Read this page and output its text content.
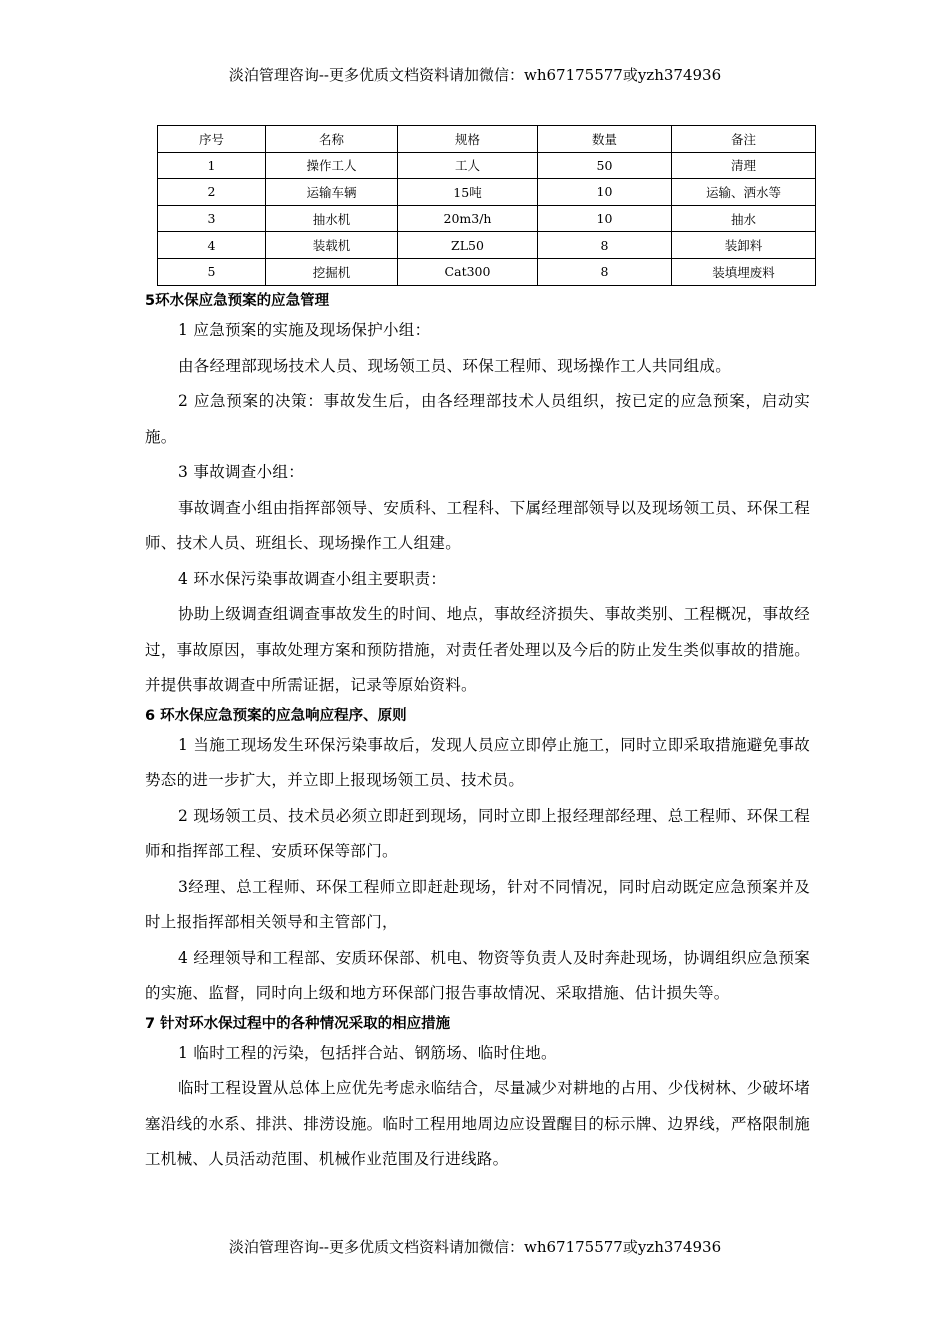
淡泊管理咨询--更多优质文档资料请加微信：wh67175577或yzh374936
序号	名称	规格	数量	备注
1	操作工人	工人	50	清理
2	运输车辆	15吨	10	运输、洒水等
3	抽水机	20m3/h	10	抽水
4	装载机	ZL50	8	装卸料
5	挖掘机	Cat300	8	装填埋废料

5环水保应急预案的应急管理

1 应急预案的实施及现场保护小组：

由各经理部现场技术人员、现场领工员、环保工程师、现场操作工人共同组成。

2 应急预案的决策：事故发生后，由各经理部技术人员组织，按已定的应急预案，启动实施。

3 事故调查小组：

事故调查小组由指挥部领导、安质科、工程科、下属经理部领导以及现场领工员、环保工程师、技术人员、班组长、现场操作工人组建。

4 环水保污染事故调查小组主要职责：

协助上级调查组调查事故发生的时间、地点，事故经济损失、事故类别、工程概况，事故经过，事故原因，事故处理方案和预防措施，对责任者处理以及今后的防止发生类似事故的措施。并提供事故调查中所需证据，记录等原始资料。

6 环水保应急预案的应急响应程序、原则

1 当施工现场发生环保污染事故后，发现人员应立即停止施工，同时立即采取措施避免事故势态的进一步扩大，并立即上报现场领工员、技术员。

2 现场领工员、技术员必须立即赶到现场，同时立即上报经理部经理、总工程师、环保工程师和指挥部工程、安质环保等部门。

3经理、总工程师、环保工程师立即赶赴现场，针对不同情况，同时启动既定应急预案并及时上报指挥部相关领导和主管部门，

4 经理领导和工程部、安质环保部、机电、物资等负责人及时奔赴现场，协调组织应急预案的实施、监督，同时向上级和地方环保部门报告事故情况、采取措施、估计损失等。

7 针对环水保过程中的各种情况采取的相应措施

1 临时工程的污染，包括拌合站、钢筋场、临时住地。

临时工程设置从总体上应优先考虑永临结合，尽量减少对耕地的占用、少伐树林、少破坏堵塞沿线的水系、排洪、排涝设施。临时工程用地周边应设置醒目的标示牌、边界线，严格限制施工机械、人员活动范围、机械作业范围及行进线路。

淡泊管理咨询--更多优质文档资料请加微信：wh67175577或yzh374936
